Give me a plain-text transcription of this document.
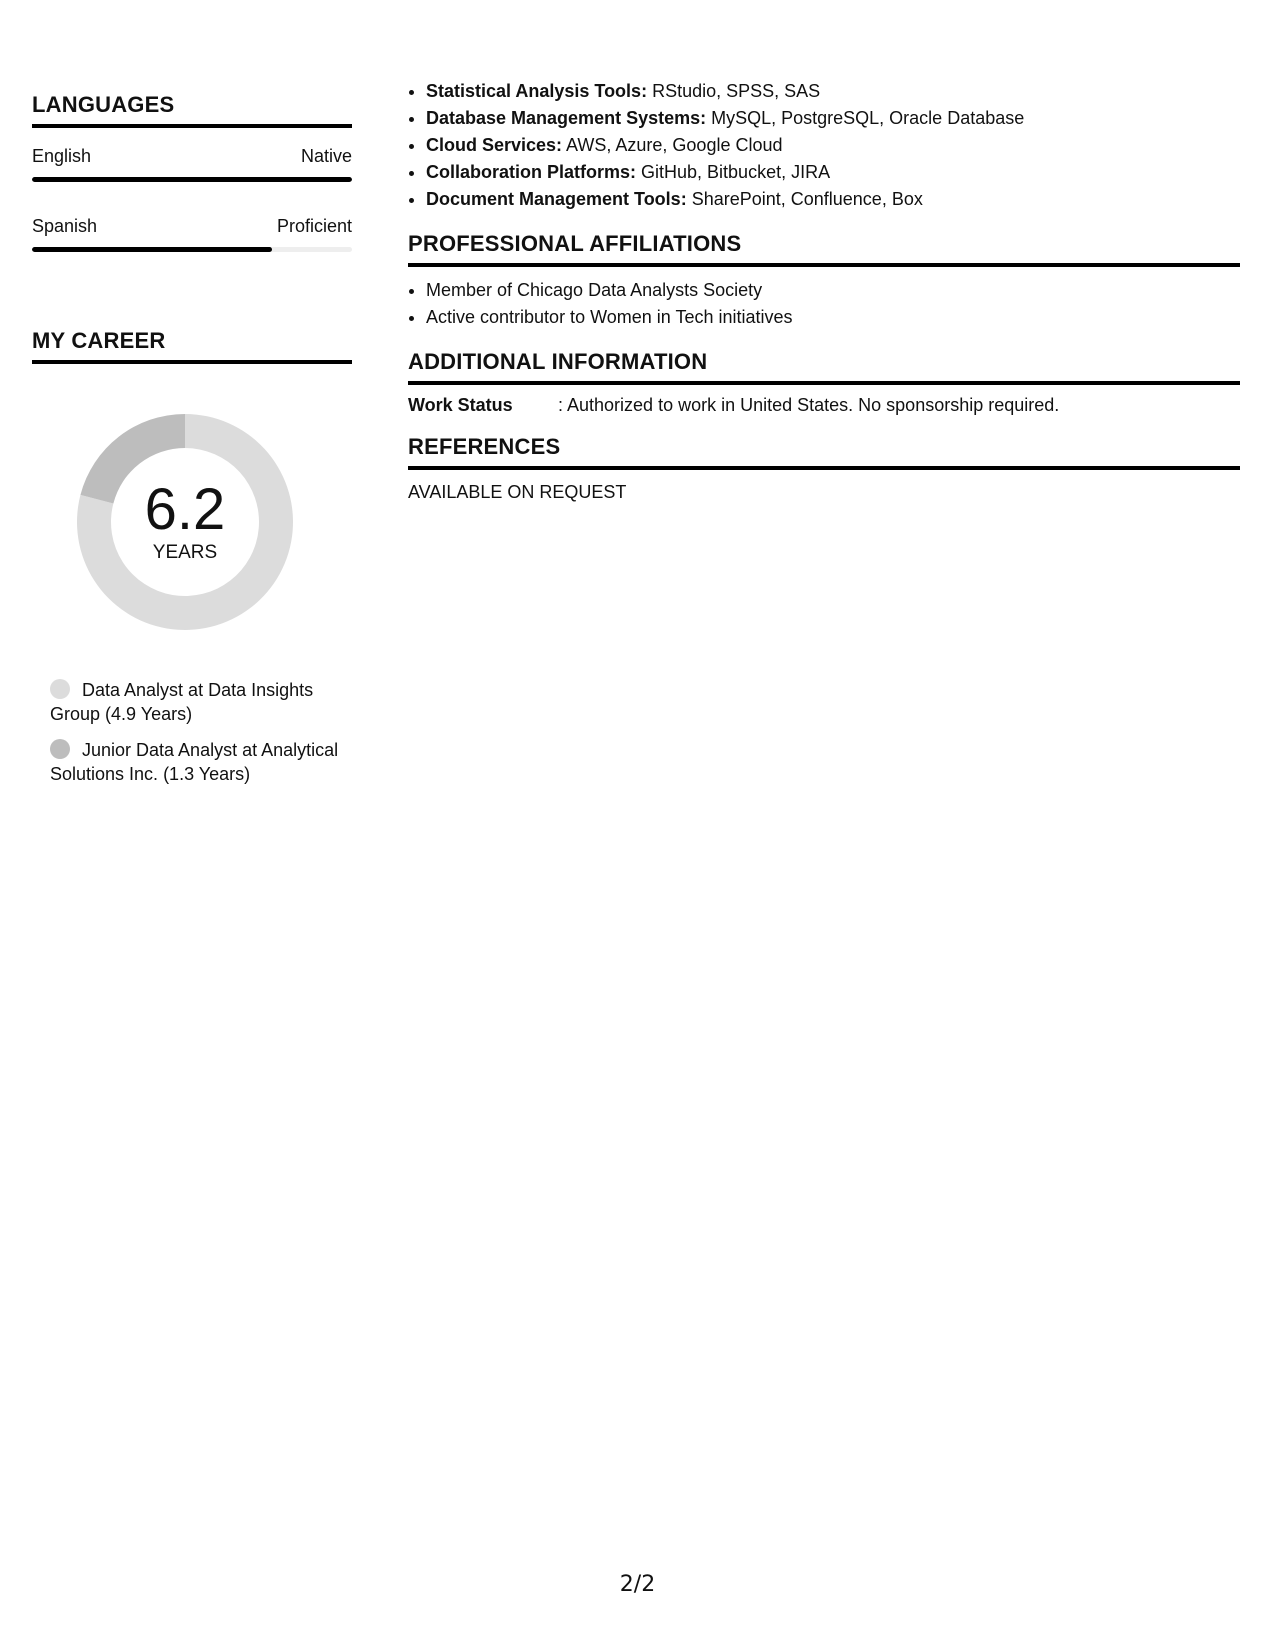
LANGUAGES
English	Native
Spanish	Proficient
MY CAREER
6.2
YEARS
Data Analyst at Data Insights Group (4.9 Years)
Junior Data Analyst at Analytical Solutions Inc. (1.3 Years)
• Statistical Analysis Tools: RStudio, SPSS, SAS
• Database Management Systems: MySQL, PostgreSQL, Oracle Database
• Cloud Services: AWS, Azure, Google Cloud
• Collaboration Platforms: GitHub, Bitbucket, JIRA
• Document Management Tools: SharePoint, Confluence, Box
PROFESSIONAL AFFILIATIONS
• Member of Chicago Data Analysts Society
• Active contributor to Women in Tech initiatives
ADDITIONAL INFORMATION
Work Status	: Authorized to work in United States. No sponsorship required.
REFERENCES
AVAILABLE ON REQUEST
2/2
